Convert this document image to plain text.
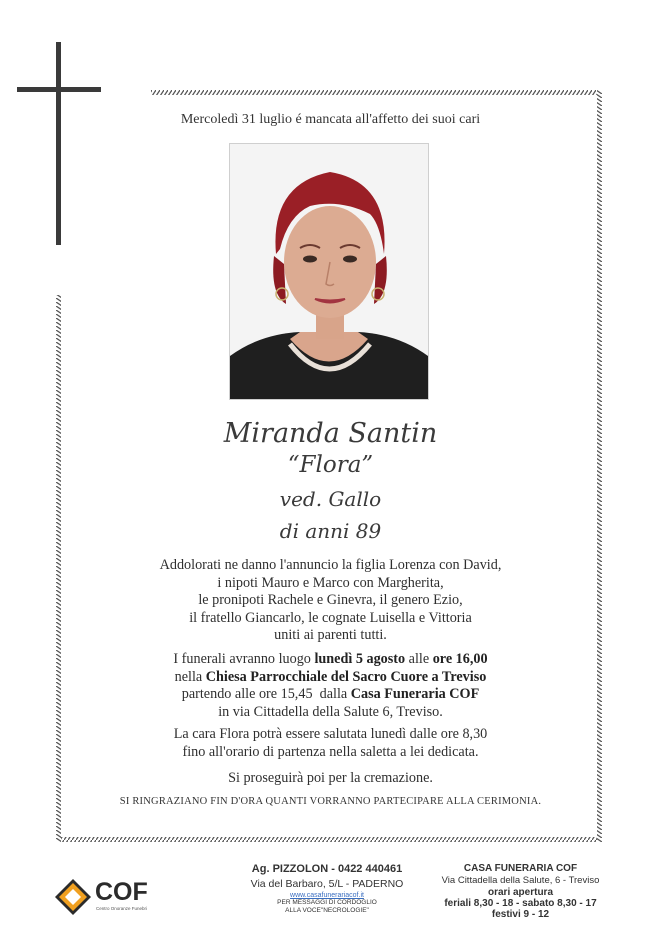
Mercoledì 31 luglio é mancata all'affetto dei suoi cari
Miranda Santin
“Flora”
ved. Gallo
di anni 89
Addolorati ne danno l'annuncio la figlia Lorenza con David,
i nipoti Mauro e Marco con Margherita,
le pronipoti Rachele e Ginevra, il genero Ezio,
il fratello Giancarlo, le cognate Luisella e Vittoria
uniti ai parenti tutti.
I funerali avranno luogo lunedì 5 agosto alle ore 16,00
nella Chiesa Parrocchiale del Sacro Cuore a Treviso
partendo alle ore 15,45  dalla Casa Funeraria COF
in via Cittadella della Salute 6, Treviso.
La cara Flora potrà essere salutata lunedì dalle ore 8,30
fino all'orario di partenza nella saletta a lei dedicata.
Si proseguirà poi per la cremazione.
SI RINGRAZIANO FIN D'ORA QUANTI VORRANNO PARTECIPARE ALLA CERIMONIA.
COF
Centro Onoranze Funebri
Ag. PIZZOLON - 0422 440461
Via del Barbaro, 5/L - PADERNO
www.casafunerariacof.it
PER MESSAGGI DI CORDOGLIO
ALLA VOCE"NECROLOGIE"
CASA FUNERARIA COF
Via Cittadella della Salute, 6 - Treviso
orari apertura
feriali 8,30 - 18 - sabato 8,30 - 17
festivi 9 - 12
